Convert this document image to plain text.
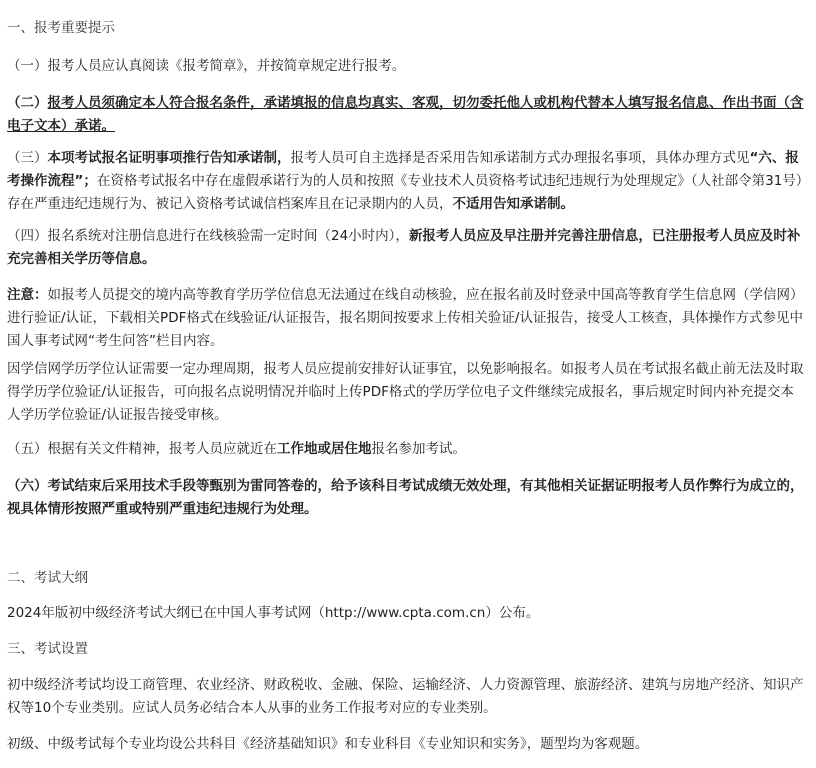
一、报考重要提示

（一）报考人员应认真阅读《报考简章》，并按简章规定进行报考。

（二）报考人员须确定本人符合报名条件，承诺填报的信息均真实、客观，切勿委托他人或机构代替本人填写报名信息、作出书面（含电子文本）承诺。

（三）本项考试报名证明事项推行告知承诺制，报考人员可自主选择是否采用告知承诺制方式办理报名事项，具体办理方式见“六、报考操作流程”；在资格考试报名中存在虚假承诺行为的人员和按照《专业技术人员资格考试违纪违规行为处理规定》（人社部令第31号）存在严重违纪违规行为、被记入资格考试诚信档案库且在记录期内的人员，不适用告知承诺制。

（四）报名系统对注册信息进行在线核验需一定时间（24小时内），新报考人员应及早注册并完善注册信息，已注册报考人员应及时补充完善相关学历等信息。

注意：如报考人员提交的境内高等教育学历学位信息无法通过在线自动核验，应在报名前及时登录中国高等教育学生信息网（学信网）进行验证/认证，下载相关PDF格式在线验证/认证报告，报名期间按要求上传相关验证/认证报告，接受人工核查，具体操作方式参见中国人事考试网“考生问答”栏目内容。

因学信网学历学位认证需要一定办理周期，报考人员应提前安排好认证事宜，以免影响报名。如报考人员在考试报名截止前无法及时取得学历学位验证/认证报告，可向报名点说明情况并临时上传PDF格式的学历学位电子文件继续完成报名，事后规定时间内补充提交本人学历学位验证/认证报告接受审核。

（五）根据有关文件精神，报考人员应就近在工作地或居住地报名参加考试。

（六）考试结束后采用技术手段等甄别为雷同答卷的，给予该科目考试成绩无效处理，有其他相关证据证明报考人员作弊行为成立的，视具体情形按照严重或特别严重违纪违规行为处理。

二、考试大纲

2024年版初中级经济考试大纲已在中国人事考试网（http://www.cpta.com.cn）公布。

三、考试设置

初中级经济考试均设工商管理、农业经济、财政税收、金融、保险、运输经济、人力资源管理、旅游经济、建筑与房地产经济、知识产权等10个专业类别。应试人员务必结合本人从事的业务工作报考对应的专业类别。

初级、中级考试每个专业均设公共科目《经济基础知识》和专业科目《专业知识和实务》，题型均为客观题。
